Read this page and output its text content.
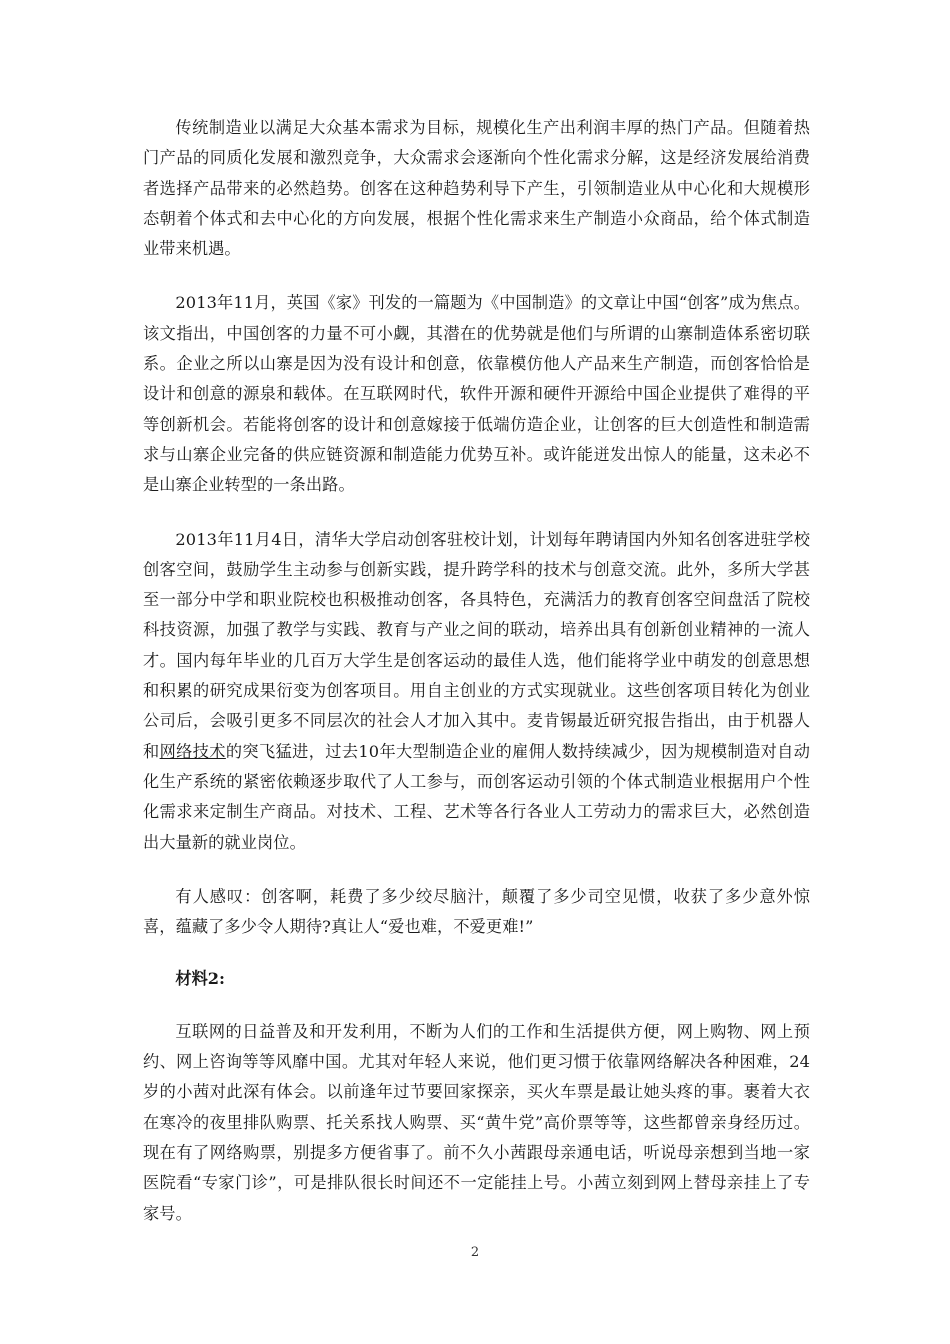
传统制造业以满足大众基本需求为目标，规模化生产出利润丰厚的热门产品。但随着热门产品的同质化发展和激烈竞争，大众需求会逐渐向个性化需求分解，这是经济发展给消费者选择产品带来的必然趋势。创客在这种趋势利导下产生，引领制造业从中心化和大规模形态朝着个体式和去中心化的方向发展，根据个性化需求来生产制造小众商品，给个体式制造业带来机遇。

2013年11月，英国《家》刊发的一篇题为《中国制造》的文章让中国“创客”成为焦点。该文指出，中国创客的力量不可小觑，其潜在的优势就是他们与所谓的山寨制造体系密切联系。企业之所以山寨是因为没有设计和创意，依靠模仿他人产品来生产制造，而创客恰恰是设计和创意的源泉和载体。在互联网时代，软件开源和硬件开源给中国企业提供了难得的平等创新机会。若能将创客的设计和创意嫁接于低端仿造企业，让创客的巨大创造性和制造需求与山寨企业完备的供应链资源和制造能力优势互补。或许能迸发出惊人的能量，这未必不是山寨企业转型的一条出路。

2013年11月4日，清华大学启动创客驻校计划，计划每年聘请国内外知名创客进驻学校创客空间，鼓励学生主动参与创新实践，提升跨学科的技术与创意交流。此外，多所大学甚至一部分中学和职业院校也积极推动创客，各具特色，充满活力的教育创客空间盘活了院校科技资源，加强了教学与实践、教育与产业之间的联动，培养出具有创新创业精神的一流人才。国内每年毕业的几百万大学生是创客运动的最佳人选，他们能将学业中萌发的创意思想和积累的研究成果衍变为创客项目。用自主创业的方式实现就业。这些创客项目转化为创业公司后，会吸引更多不同层次的社会人才加入其中。麦肯锡最近研究报告指出，由于机器人和网络技术的突飞猛进，过去10年大型制造企业的雇佣人数持续减少，因为规模制造对自动化生产系统的紧密依赖逐步取代了人工参与，而创客运动引领的个体式制造业根据用户个性化需求来定制生产商品。对技术、工程、艺术等各行各业人工劳动力的需求巨大，必然创造出大量新的就业岗位。

有人感叹：创客啊，耗费了多少绞尽脑汁，颠覆了多少司空见惯，收获了多少意外惊喜，蕴藏了多少令人期待?真让人“爱也难，不爱更难!”

材料2:

互联网的日益普及和开发利用，不断为人们的工作和生活提供方便，网上购物、网上预约、网上咨询等等风靡中国。尤其对年轻人来说，他们更习惯于依靠网络解决各种困难，24岁的小茜对此深有体会。以前逢年过节要回家探亲，买火车票是最让她头疼的事。裹着大衣在寒冷的夜里排队购票、托关系找人购票、买“黄牛党”高价票等等，这些都曾亲身经历过。现在有了网络购票，别提多方便省事了。前不久小茜跟母亲通电话，听说母亲想到当地一家医院看“专家门诊”，可是排队很长时间还不一定能挂上号。小茜立刻到网上替母亲挂上了专家号。

2
